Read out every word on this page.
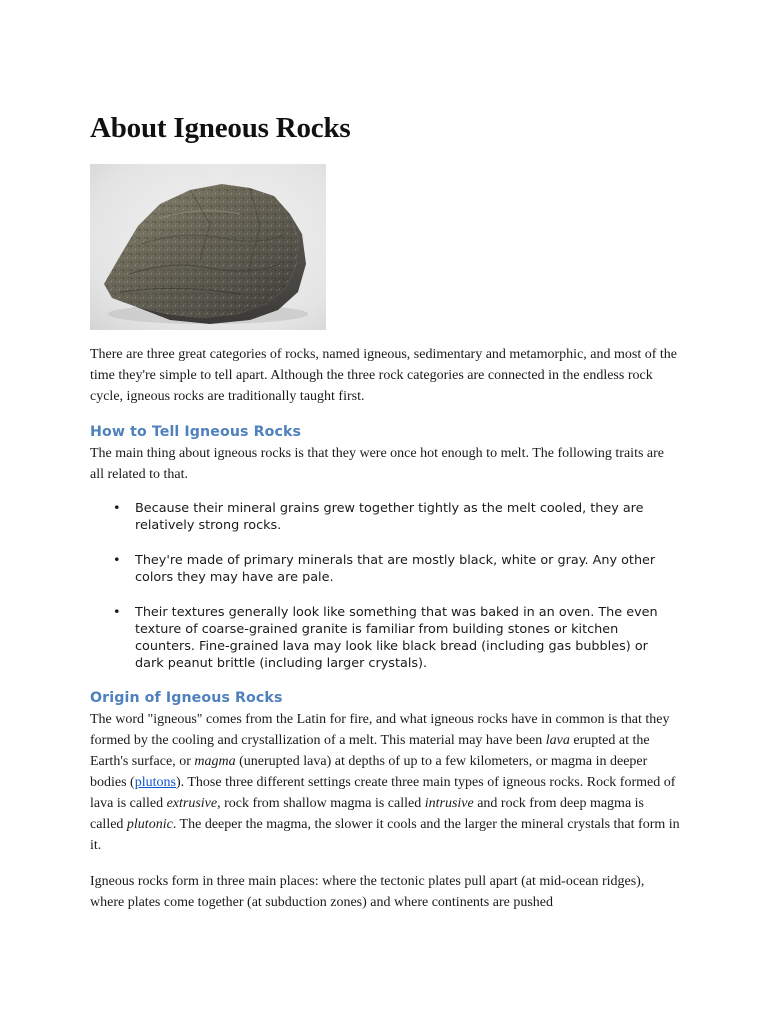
About Igneous Rocks

There are three great categories of rocks, named igneous, sedimentary and metamorphic, and most of the time they're simple to tell apart. Although the three rock categories are connected in the endless rock cycle, igneous rocks are traditionally taught first.

How to Tell Igneous Rocks

The main thing about igneous rocks is that they were once hot enough to melt. The following traits are all related to that.

• Because their mineral grains grew together tightly as the melt cooled, they are relatively strong rocks.
• They're made of primary minerals that are mostly black, white or gray. Any other colors they may have are pale.
• Their textures generally look like something that was baked in an oven. The even texture of coarse-grained granite is familiar from building stones or kitchen counters. Fine-grained lava may look like black bread (including gas bubbles) or dark peanut brittle (including larger crystals).
Origin of Igneous Rocks

The word "igneous" comes from the Latin for fire, and what igneous rocks have in common is that they formed by the cooling and crystallization of a melt. This material may have been lava erupted at the Earth's surface, or magma (unerupted lava) at depths of up to a few kilometers, or magma in deeper bodies (plutons). Those three different settings create three main types of igneous rocks. Rock formed of lava is called extrusive, rock from shallow magma is called intrusive and rock from deep magma is called plutonic. The deeper the magma, the slower it cools and the larger the mineral crystals that form in it.

Igneous rocks form in three main places: where the tectonic plates pull apart (at mid-ocean ridges), where plates come together (at subduction zones) and where continents are pushed
